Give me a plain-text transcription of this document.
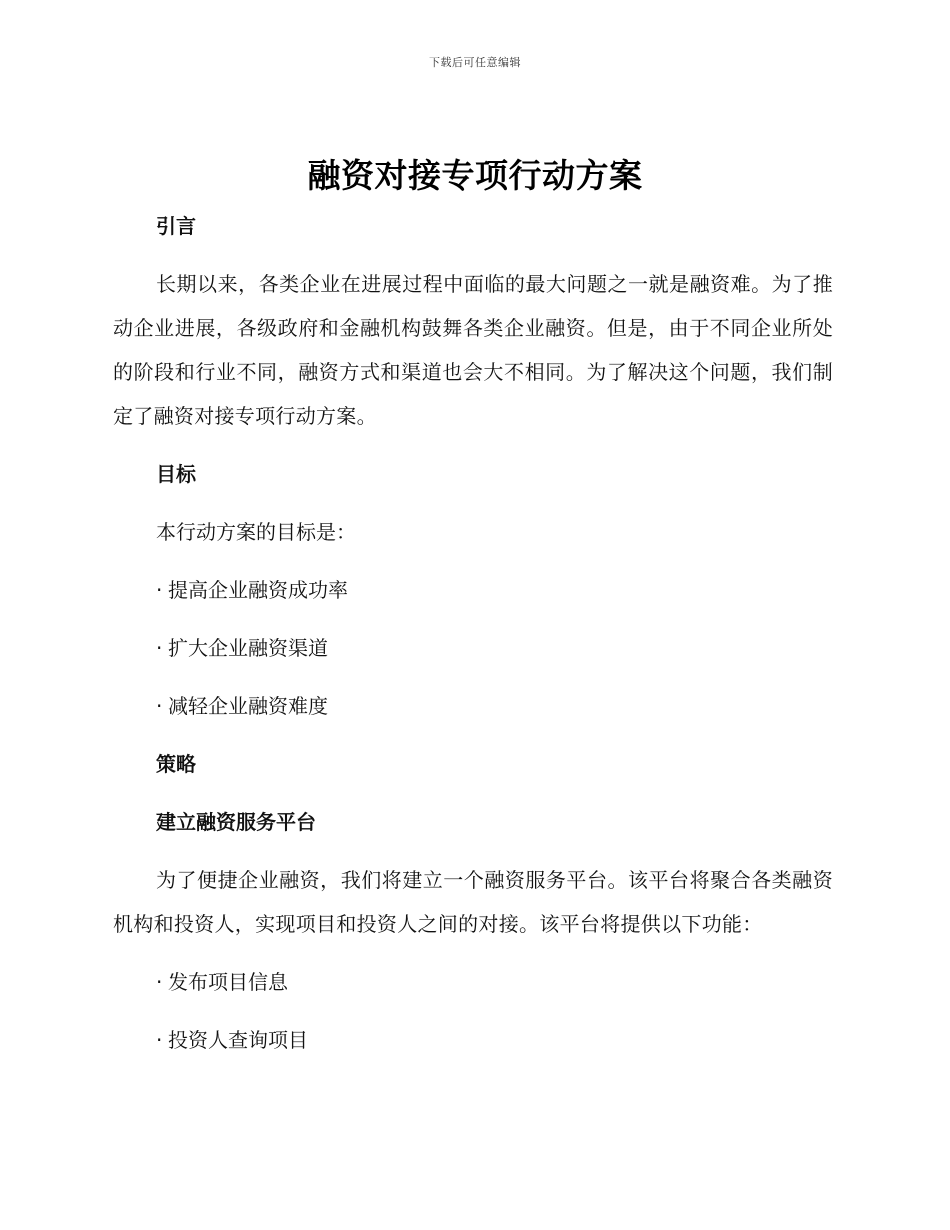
下载后可任意编辑
融资对接专项行动方案
引言
长期以来，各类企业在进展过程中面临的最大问题之一就是融资难。为了推动企业进展，各级政府和金融机构鼓舞各类企业融资。但是，由于不同企业所处的阶段和行业不同，融资方式和渠道也会大不相同。为了解决这个问题，我们制定了融资对接专项行动方案。
目标
本行动方案的目标是：
· 提高企业融资成功率
· 扩大企业融资渠道
· 减轻企业融资难度
策略
建立融资服务平台
为了便捷企业融资，我们将建立一个融资服务平台。该平台将聚合各类融资机构和投资人，实现项目和投资人之间的对接。该平台将提供以下功能：
· 发布项目信息
· 投资人查询项目
